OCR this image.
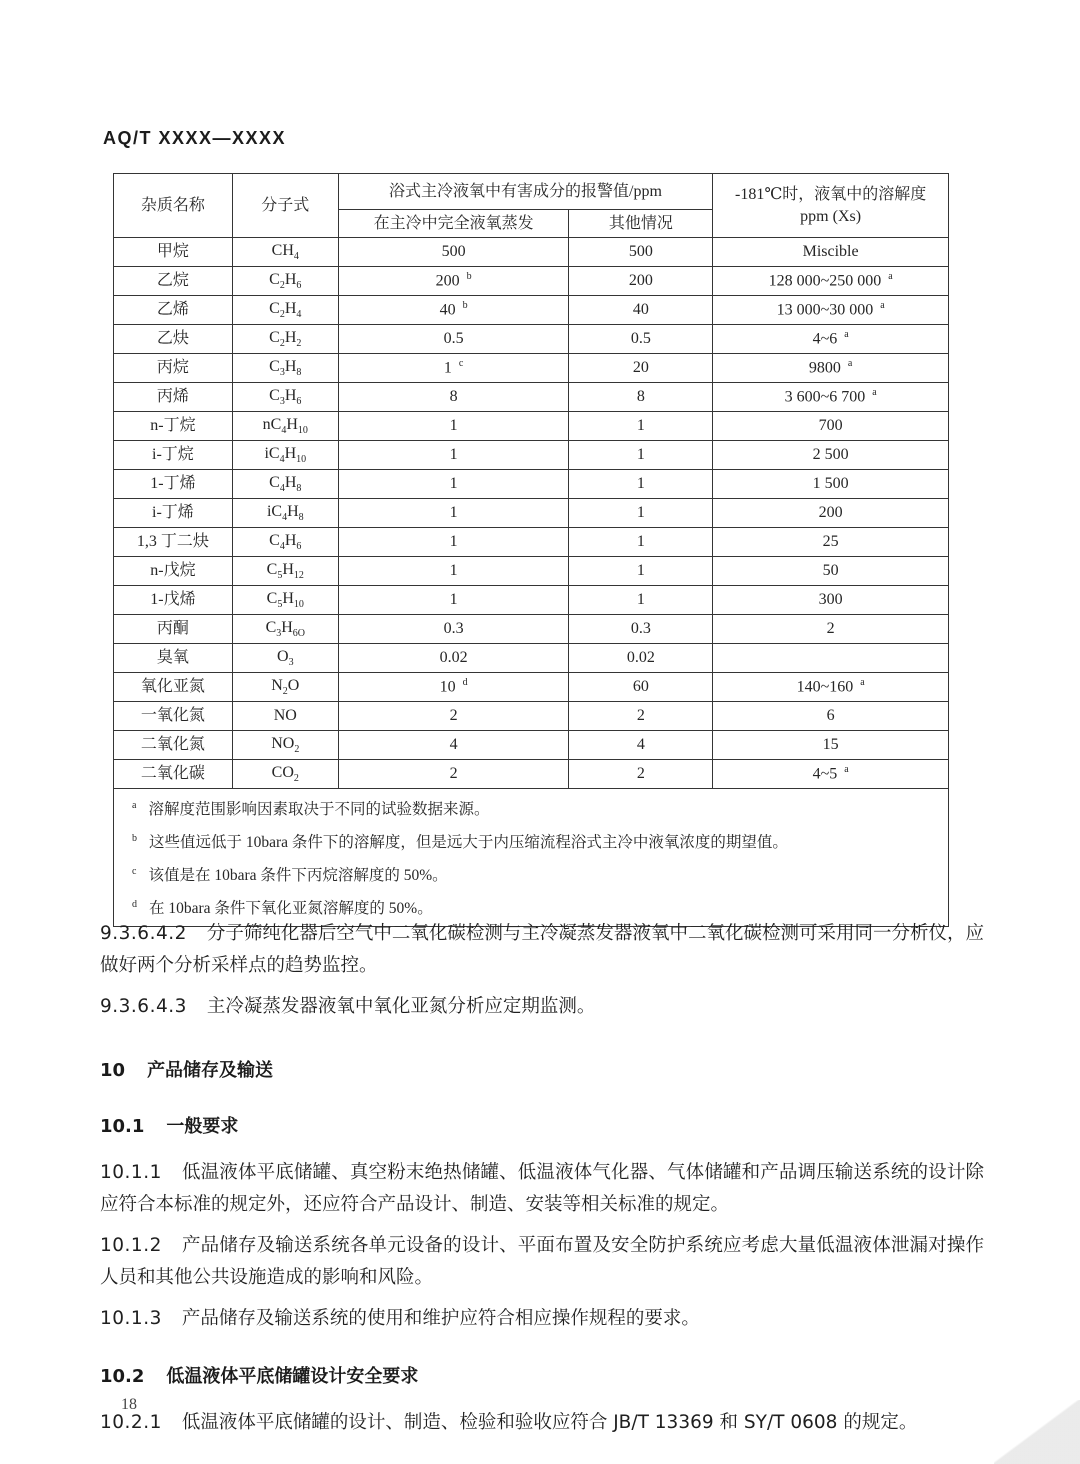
AQ/T XXXX—XXXX
杂质名称	分子式	浴式主冷液氧中有害成分的报警值/ppm		-181℃时，液氧中的溶解度
ppm (Xs)
		在主冷中完全液氧蒸发	其他情况	
甲烷	$CH_4$	500	500	Miscible
乙烷	$C_2H_6$	200 $^b$	200	128 000~250 000 $^a$
乙烯	$C_2H_4$	40 $^b$	40	13 000~30 000 $^a$
乙炔	$C_2H_2$	0.5	0.5	4~6 $^a$
丙烷	$C_3H_8$	1 $^c$	20	9800 $^a$
丙烯	$C_3H_6$	8	8	3 600~6 700 $^a$
n-丁烷	$nC_4H_{10}$	1	1	700
i-丁烷	$iC_4H_{10}$	1	1	2 500
1-丁烯	$C_4H_8$	1	1	1 500
i-丁烯	$iC_4H_8$	1	1	200
1,3 丁二炔	$C_4H_6$	1	1	25
n-戊烷	$C_5H_{12}$	1	1	50
1-戊烯	$C_5H_{10}$	1	1	300
丙酮	$C_3H_{6O}$	0.3	0.3	2
臭氧	$O_3$	0.02	0.02	
氧化亚氮	$N_2O$	10 $^d$	60	140~160 $^a$
一氧化氮	NO	2	2	6
二氧化氮	$NO_2$	4	4	15
二氧化碳	$CO_2$	2	2	4~5 $^a$

$^a$ 溶解度范围影响因素取决于不同的试验数据来源。
$^b$ 这些值远低于 10bara 条件下的溶解度，但是远大于内压缩流程浴式主冷中液氧浓度的期望值。
$^c$ 该值是在 10bara 条件下丙烷溶解度的 50%。
$^d$ 在 10bara 条件下氧化亚氮溶解度的 50%。

9.3.6.4.2 分子筛纯化器后空气中二氧化碳检测与主冷凝蒸发器液氧中二氧化碳检测可采用同一分析仪，应做好两个分析采样点的趋势监控。

9.3.6.4.3 主冷凝蒸发器液氧中氧化亚氮分析应定期监测。

10 产品储存及输送

10.1 一般要求

10.1.1 低温液体平底储罐、真空粉末绝热储罐、低温液体气化器、气体储罐和产品调压输送系统的设计除应符合本标准的规定外，还应符合产品设计、制造、安装等相关标准的规定。

10.1.2 产品储存及输送系统各单元设备的设计、平面布置及安全防护系统应考虑大量低温液体泄漏对操作人员和其他公共设施造成的影响和风险。

10.1.3 产品储存及输送系统的使用和维护应符合相应操作规程的要求。

10.2 低温液体平底储罐设计安全要求

10.2.1 低温液体平底储罐的设计、制造、检验和验收应符合 JB/T 13369 和 SY/T 0608 的规定。

18
